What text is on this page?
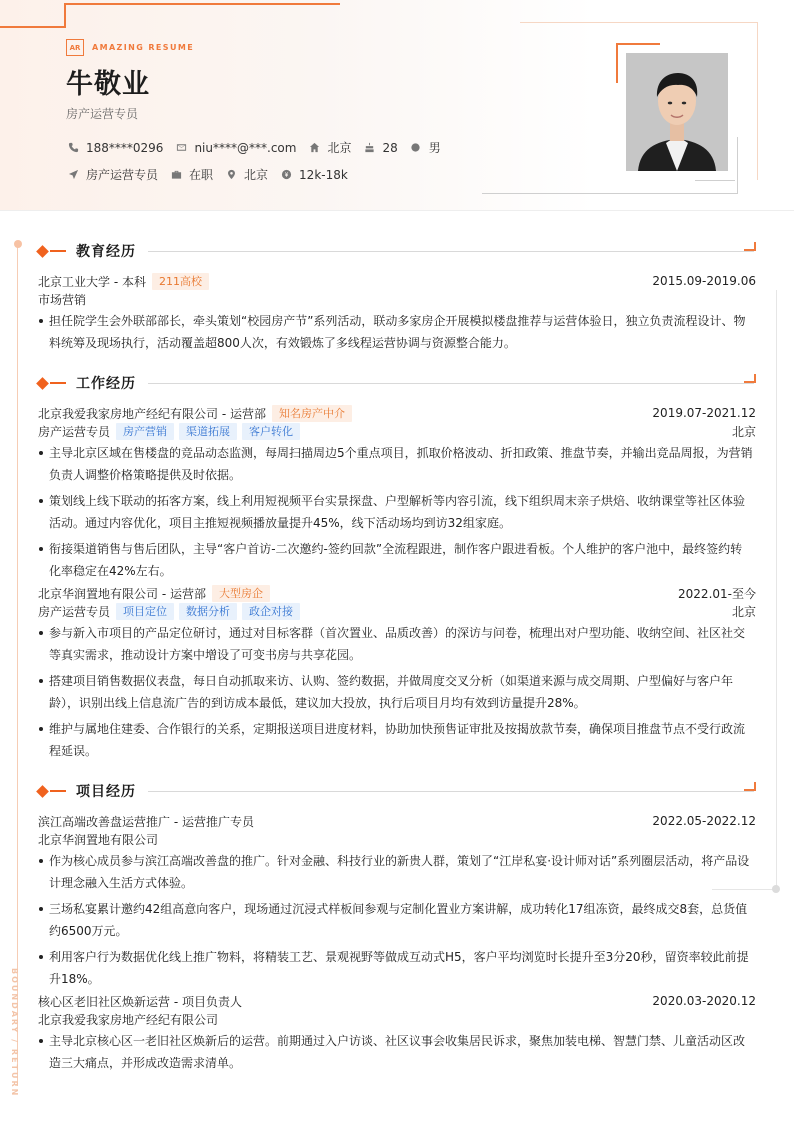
AR	AMAZING RESUME
牛敬业
房产运营专员
188****0296	niu****@***.com	北京	28	男
房产运营专员	在职	北京	12k-18k
BOUNDARY / RETURN
教育经历
北京工业大学 - 本科	211高校	2015.09-2019.06
市场营销
担任院学生会外联部部长，牵头策划“校园房产节”系列活动，联动多家房企开展模拟楼盘推荐与运营体验日，独立负责流程设计、物料统筹及现场执行，活动覆盖超800人次，有效锻炼了多线程运营协调与资源整合能力。
工作经历
北京我爱我家房地产经纪有限公司 - 运营部	知名房产中介	2019.07-2021.12
房产运营专员	房产营销	渠道拓展	客户转化	北京
主导北京区域在售楼盘的竞品动态监测，每周扫描周边5个重点项目，抓取价格波动、折扣政策、推盘节奏，并输出竞品周报，为营销负责人调整价格策略提供及时依据。
策划线上线下联动的拓客方案，线上利用短视频平台实景探盘、户型解析等内容引流，线下组织周末亲子烘焙、收纳课堂等社区体验活动。通过内容优化，项目主推短视频播放量提升45%，线下活动场均到访32组家庭。
衔接渠道销售与售后团队，主导“客户首访-二次邀约-签约回款”全流程跟进，制作客户跟进看板。个人维护的客户池中，最终签约转化率稳定在42%左右。
北京华润置地有限公司 - 运营部	大型房企	2022.01-至今
房产运营专员	项目定位	数据分析	政企对接	北京
参与新入市项目的产品定位研讨，通过对目标客群（首次置业、品质改善）的深访与问卷，梳理出对户型功能、收纳空间、社区社交等真实需求，推动设计方案中增设了可变书房与共享花园。
搭建项目销售数据仪表盘，每日自动抓取来访、认购、签约数据，并做周度交叉分析（如渠道来源与成交周期、户型偏好与客户年龄），识别出线上信息流广告的到访成本最低，建议加大投放，执行后项目月均有效到访量提升28%。
维护与属地住建委、合作银行的关系，定期报送项目进度材料，协助加快预售证审批及按揭放款节奏，确保项目推盘节点不受行政流程延误。
项目经历
滨江高端改善盘运营推广 - 运营推广专员	2022.05-2022.12
北京华润置地有限公司
作为核心成员参与滨江高端改善盘的推广。针对金融、科技行业的新贵人群，策划了“江岸私宴·设计师对话”系列圈层活动，将产品设计理念融入生活方式体验。
三场私宴累计邀约42组高意向客户，现场通过沉浸式样板间参观与定制化置业方案讲解，成功转化17组冻资，最终成交8套，总货值约6500万元。
利用客户行为数据优化线上推广物料，将精装工艺、景观视野等做成互动式H5，客户平均浏览时长提升至3分20秒，留资率较此前提升18%。
核心区老旧社区焕新运营 - 项目负责人	2020.03-2020.12
北京我爱我家房地产经纪有限公司
主导北京核心区一老旧社区焕新后的运营。前期通过入户访谈、社区议事会收集居民诉求，聚焦加装电梯、智慧门禁、儿童活动区改造三大痛点，并形成改造需求清单。
